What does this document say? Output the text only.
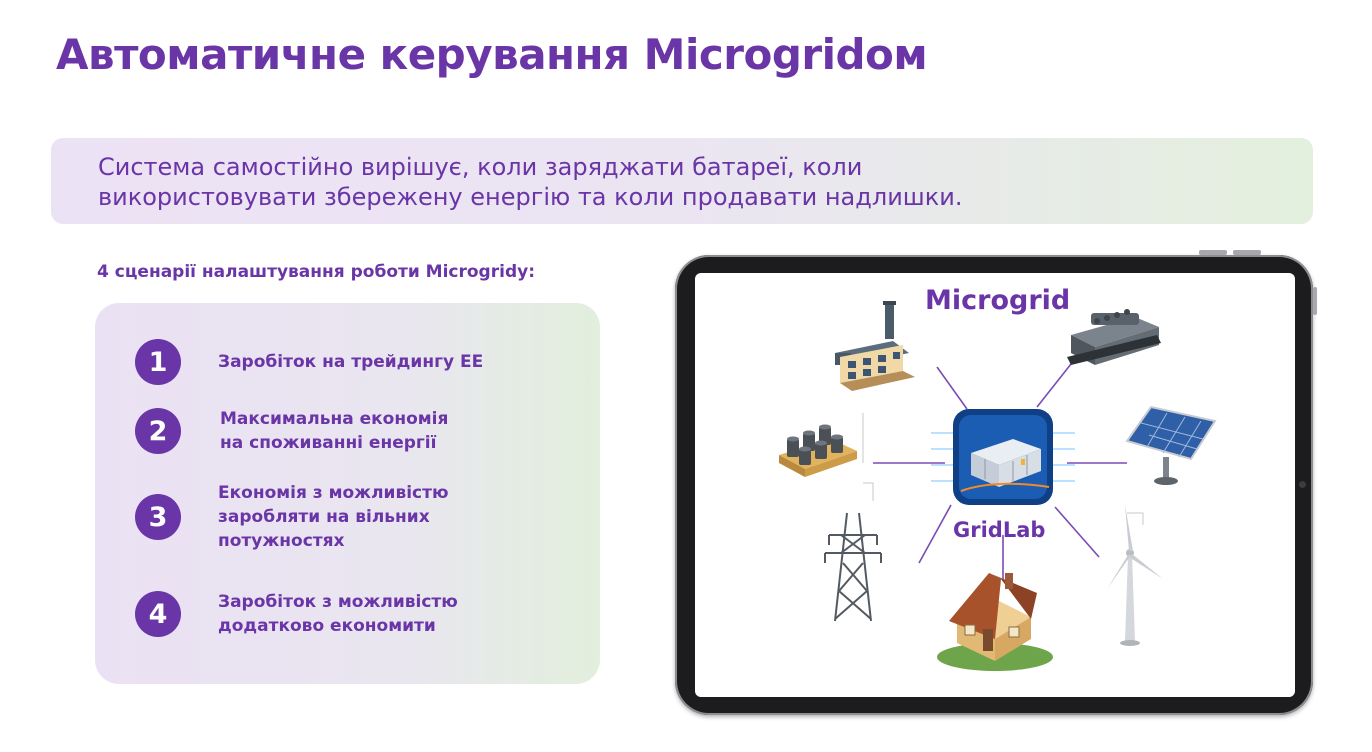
Автоматичне керування Microgridом
Система самостійно вирішує, коли заряджати батареї, коли
використовувати збережену енергію та коли продавати надлишки.
4 сценарії налаштування роботи Microgridу:
1	Заробіток на трейдингу ЕЕ
2	Максимальна економія
на споживанні енергії
3
Економія з можливістю
заробляти на вільних
потужностях
4	Заробіток з можливістю
додатково економити
Microgrid
GridLab
